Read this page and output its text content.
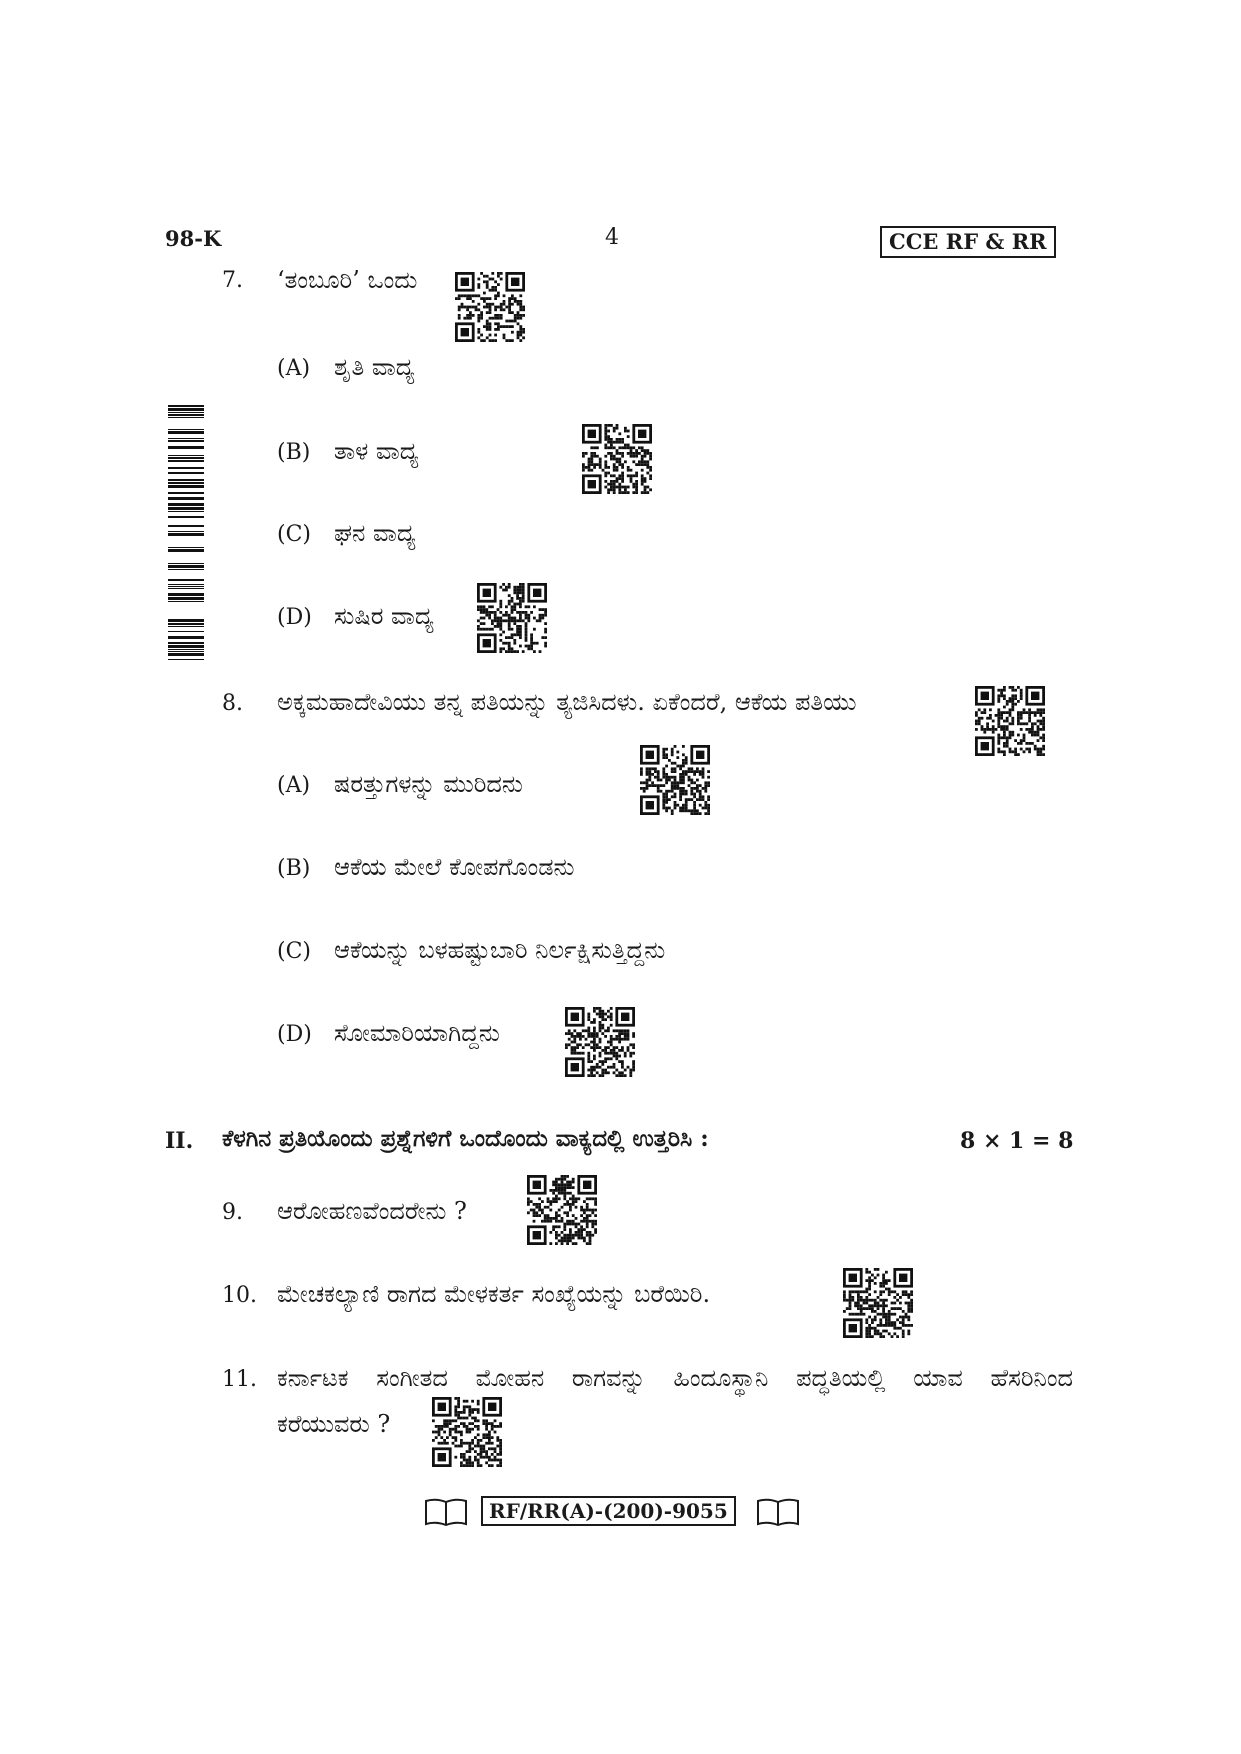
98-K	4	CCE RF & RR
7. ‘ತಂಬೂರಿ’ ಒಂದು
(A) ಶೃತಿ ವಾದ್ಯ
(B) ತಾಳ ವಾದ್ಯ
(C) ಘನ ವಾದ್ಯ
(D) ಸುಷಿರ ವಾದ್ಯ
8. ಅಕ್ಕಮಹಾದೇವಿಯು ತನ್ನ ಪತಿಯನ್ನು ತ್ಯಜಿಸಿದಳು. ಏಕೆಂದರೆ, ಆಕೆಯ ಪತಿಯು
(A) ಷರತ್ತುಗಳನ್ನು ಮುರಿದನು
(B) ಆಕೆಯ ಮೇಲೆ ಕೋಪಗೊಂಡನು
(C) ಆಕೆಯನ್ನು ಬಳಹಷ್ಟುಬಾರಿ ನಿರ್ಲಕ್ಷಿಸುತ್ತಿದ್ದನು
(D) ಸೋಮಾರಿಯಾಗಿದ್ದನು
II. ಕೆಳಗಿನ ಪ್ರತಿಯೊಂದು ಪ್ರಶ್ನೆಗಳಿಗೆ ಒಂದೊಂದು ವಾಕ್ಯದಲ್ಲಿ ಉತ್ತರಿಸಿ :	8 × 1 = 8
9. ಆರೋಹಣವೆಂದರೇನು ?
10. ಮೇಚಕಲ್ಯಾಣಿ ರಾಗದ ಮೇಳಕರ್ತ ಸಂಖ್ಯೆಯನ್ನು ಬರೆಯಿರಿ.
11. ಕರ್ನಾಟಕ ಸಂಗೀತದ ಮೋಹನ ರಾಗವನ್ನು ಹಿಂದೂಸ್ಥಾನಿ ಪದ್ಧತಿಯಲ್ಲಿ ಯಾವ ಹೆಸರಿನಿಂದ
ಕರೆಯುವರು ?
RF/RR(A)-(200)-9055
